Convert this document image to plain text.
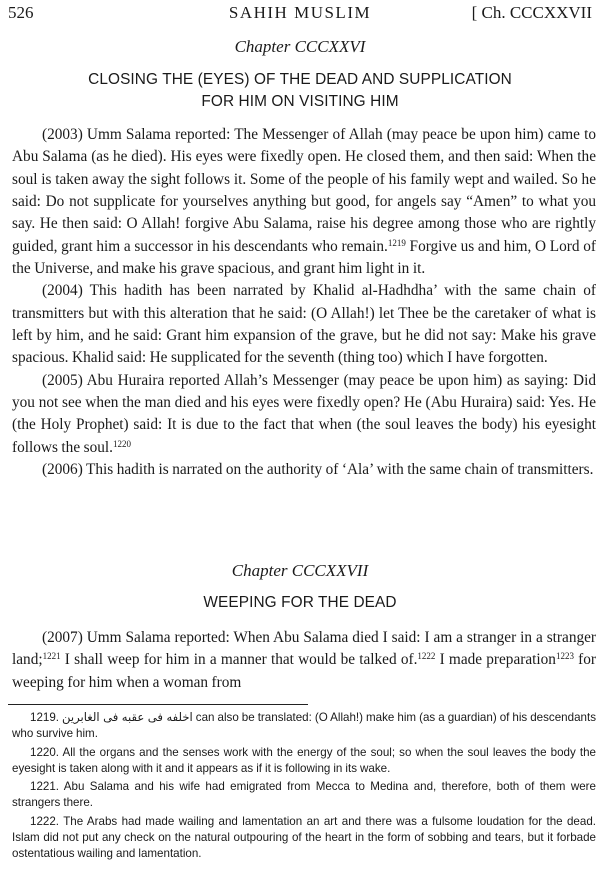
526	SAHIH MUSLIM	[ Ch. CCCXXVII
Chapter CCCXXVI
CLOSING THE (EYES) OF THE DEAD AND SUPPLICATION
FOR HIM ON VISITING HIM

(2003) Umm Salama reported: The Messenger of Allah (may peace be upon him) came to Abu Salama (as he died). His eyes were fixedly open. He closed them, and then said: When the soul is taken away the sight follows it. Some of the people of his family wept and wailed. So he said: Do not supplicate for yourselves anything but good, for angels say “Amen” to what you say. He then said: O Allah! forgive Abu Salama, raise his degree among those who are rightly guided, grant him a successor in his descendants who remain.$^{1219}$ Forgive us and him, O Lord of the Universe, and make his grave spacious, and grant him light in it.

(2004) This hadith has been narrated by Khalid al-Hadhdha’ with the same chain of transmitters but with this alteration that he said: (O Allah!) let Thee be the caretaker of what is left by him, and he said: Grant him expansion of the grave, but he did not say: Make his grave spacious. Khalid said: He supplicated for the seventh (thing too) which I have forgotten.

(2005) Abu Huraira reported Allah’s Messenger (may peace be upon him) as saying: Did you not see when the man died and his eyes were fixedly open? He (Abu Huraira) said: Yes. He (the Holy Prophet) said: It is due to the fact that when (the soul leaves the body) his eyesight follows the soul.$^{1220}$

(2006) This hadith is narrated on the authority of ‘Ala’ with the same chain of transmitters.

Chapter CCCXXVII
WEEPING FOR THE DEAD

(2007) Umm Salama reported: When Abu Salama died I said: I am a stranger in a stranger land;$^{1221}$ I shall weep for him in a manner that would be talked of.$^{1222}$ I made preparation$^{1223}$ for weeping for him when a woman from

1219. اخلفه فى عقبه فى الغابرين can also be translated: (O Allah!) make him (as a guardian) of his descendants who survive him.

1220. All the organs and the senses work with the energy of the soul; so when the soul leaves the body the eyesight is taken along with it and it appears as if it is following in its wake.

1221. Abu Salama and his wife had emigrated from Mecca to Medina and, therefore, both of them were strangers there.

1222. The Arabs had made wailing and lamentation an art and there was a fulsome loudation for the dead. Islam did not put any check on the natural outpouring of the heart in the form of sobbing and tears, but it forbade ostentatious wailing and lamentation.
